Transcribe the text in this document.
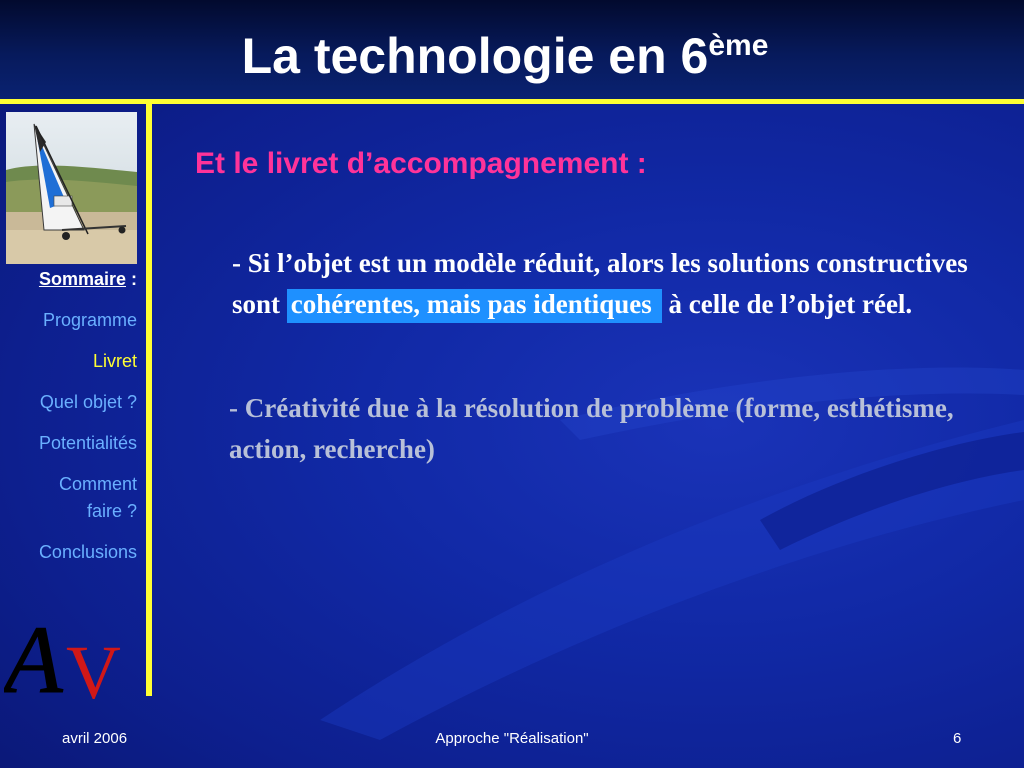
La technologie en 6ème
Sommaire :
Programme
Livret
Quel objet ?
Potentialités
Comment faire ?
Conclusions
A V
Et le livret d’accompagnement :
- Si l’objet est un modèle réduit, alors les solutions constructives sont cohérentes, mais pas identiques à celle de l’objet réel.
- Créativité due à la résolution de problème (forme, esthétisme, action, recherche)
avril 2006	Approche "Réalisation"	6
